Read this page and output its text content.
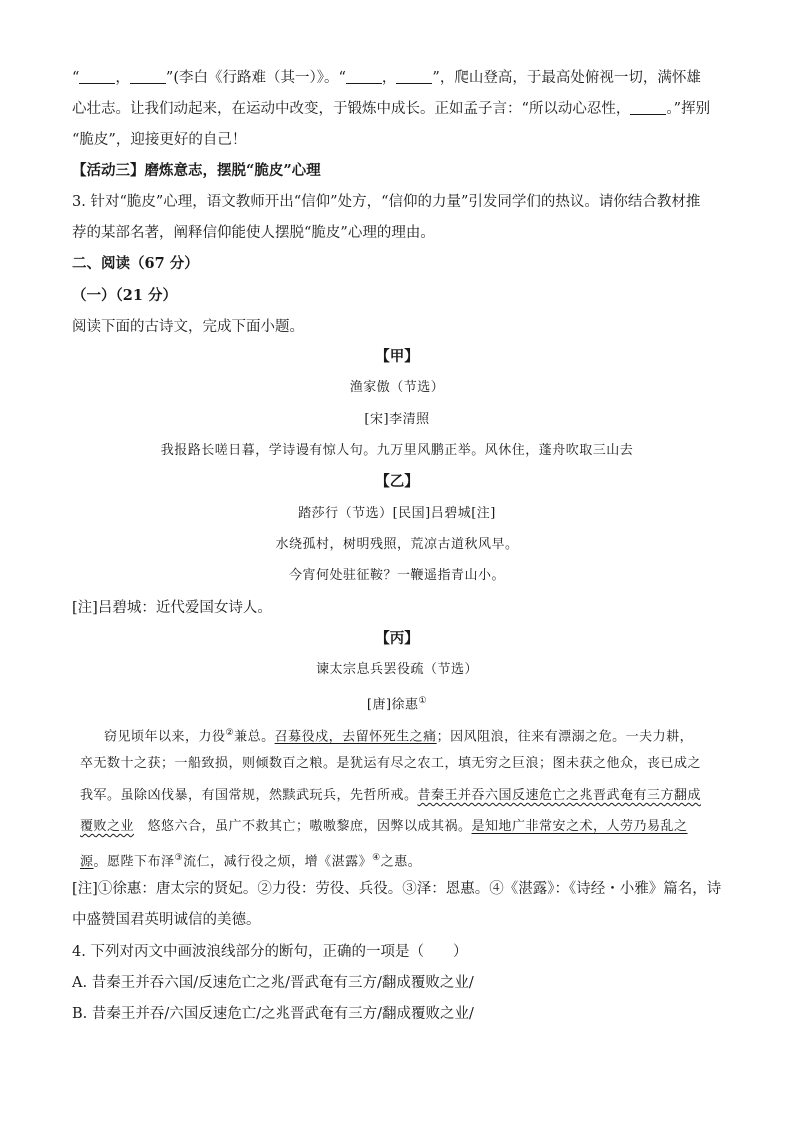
“ ， ”(李白《行路难（其一）》。“ ， ”，爬山登高，于最高处俯视一切，满怀雄
心壮志。让我们动起来，在运动中改变，于锻炼中成长。正如孟子言：“所以动心忍性， 。”挥别
“脆皮”，迎接更好的自己！
【活动三】磨炼意志，摆脱“脆皮”心理
3. 针对“脆皮”心理，语文教师开出“信仰”处方，“信仰的力量”引发同学们的热议。请你结合教材推
荐的某部名著，阐释信仰能使人摆脱“脆皮”心理的理由。
二、阅读（67 分）
（一）（21 分）
阅读下面的古诗文，完成下面小题。
【甲】
渔家傲（节选）
[宋]李清照
我报路长嗟日暮，学诗谩有惊人句。九万里风鹏正举。风休住，蓬舟吹取三山去
【乙】
踏莎行（节选）[民国]吕碧城[注]
水绕孤村，树明残照，荒凉古道秋风早。
今宵何处驻征鞍？一鞭遥指青山小。
[注]吕碧城：近代爱国女诗人。
【丙】
谏太宗息兵罢役疏（节选）
[唐]徐惠①
窃见顷年以来，力役②兼总。召募役戍，去留怀死生之痛；因风阻浪，往来有漂溺之危。一夫力耕，
卒无数十之获；一船致损，则倾数百之粮。是犹运有尽之农工，填无穷之巨浪；图未获之他众，丧已成之
我军。虽除凶伐暴，有国常规，然黩武玩兵，先哲所戒。昔秦王并吞六国反速危亡之兆晋武奄有三方翻成
覆败之业　悠悠六合，虽广不救其亡；嗷嗷黎庶，因弊以成其祸。是知地广非常安之术，人劳乃易乱之
源。愿陛下布泽③流仁，减行役之烦，增《湛露》④之惠。
[注]①徐惠：唐太宗的贤妃。②力役：劳役、兵役。③泽：恩惠。④《湛露》：《诗经・小雅》篇名，诗
中盛赞国君英明诚信的美德。
4. 下列对丙文中画波浪线部分的断句，正确的一项是（　　）
A. 昔秦王并吞六国/反速危亡之兆/晋武奄有三方/翻成覆败之业/
B. 昔秦王并吞/六国反速危亡/之兆晋武奄有三方/翻成覆败之业/
